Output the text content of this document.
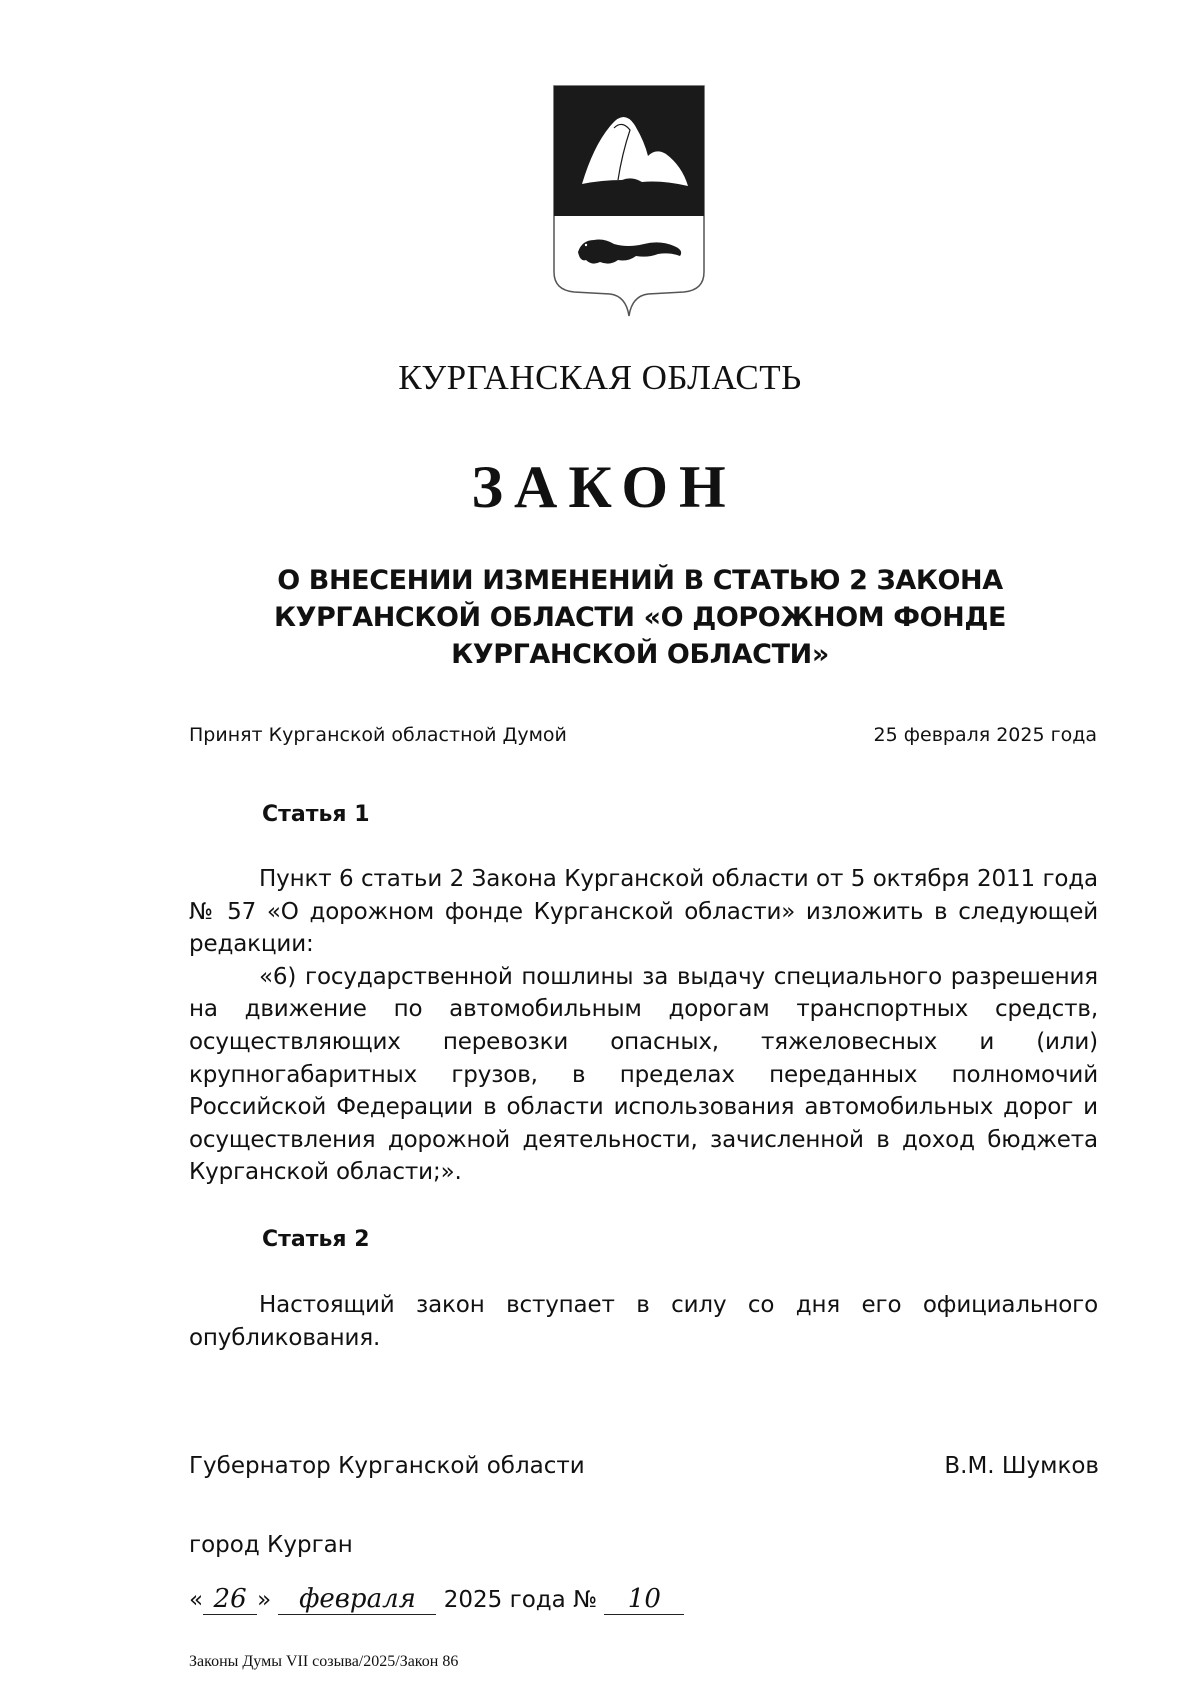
КУРГАНСКАЯ ОБЛАСТЬ
ЗАКОН
О ВНЕСЕНИИ ИЗМЕНЕНИЙ В СТАТЬЮ 2 ЗАКОНА
КУРГАНСКОЙ ОБЛАСТИ «О ДОРОЖНОМ ФОНДЕ
КУРГАНСКОЙ ОБЛАСТИ»
Принят Курганской областной Думой	25 февраля 2025 года
Статья 1

Пункт 6 статьи 2 Закона Курганской области от 5 октября 2011 года № 57 «О дорожном фонде Курганской области» изложить в следующей редакции:

«6) государственной пошлины за выдачу специального разрешения на движение по автомобильным дорогам транспортных средств, осуществляющих перевозки опасных, тяжеловесных и (или) крупногабаритных грузов, в пределах переданных полномочий Российской Федерации в области использования автомобильных дорог и осуществления дорожной деятельности, зачисленной в доход бюджета Курганской области;».

Статья 2

Настоящий закон вступает в силу со дня его официального опубликования.

Губернатор Курганской области	В.М. Шумков
город Курган
« 26 » февраля 2025 года № 10
Законы Думы VII созыва/2025/Закон 86
